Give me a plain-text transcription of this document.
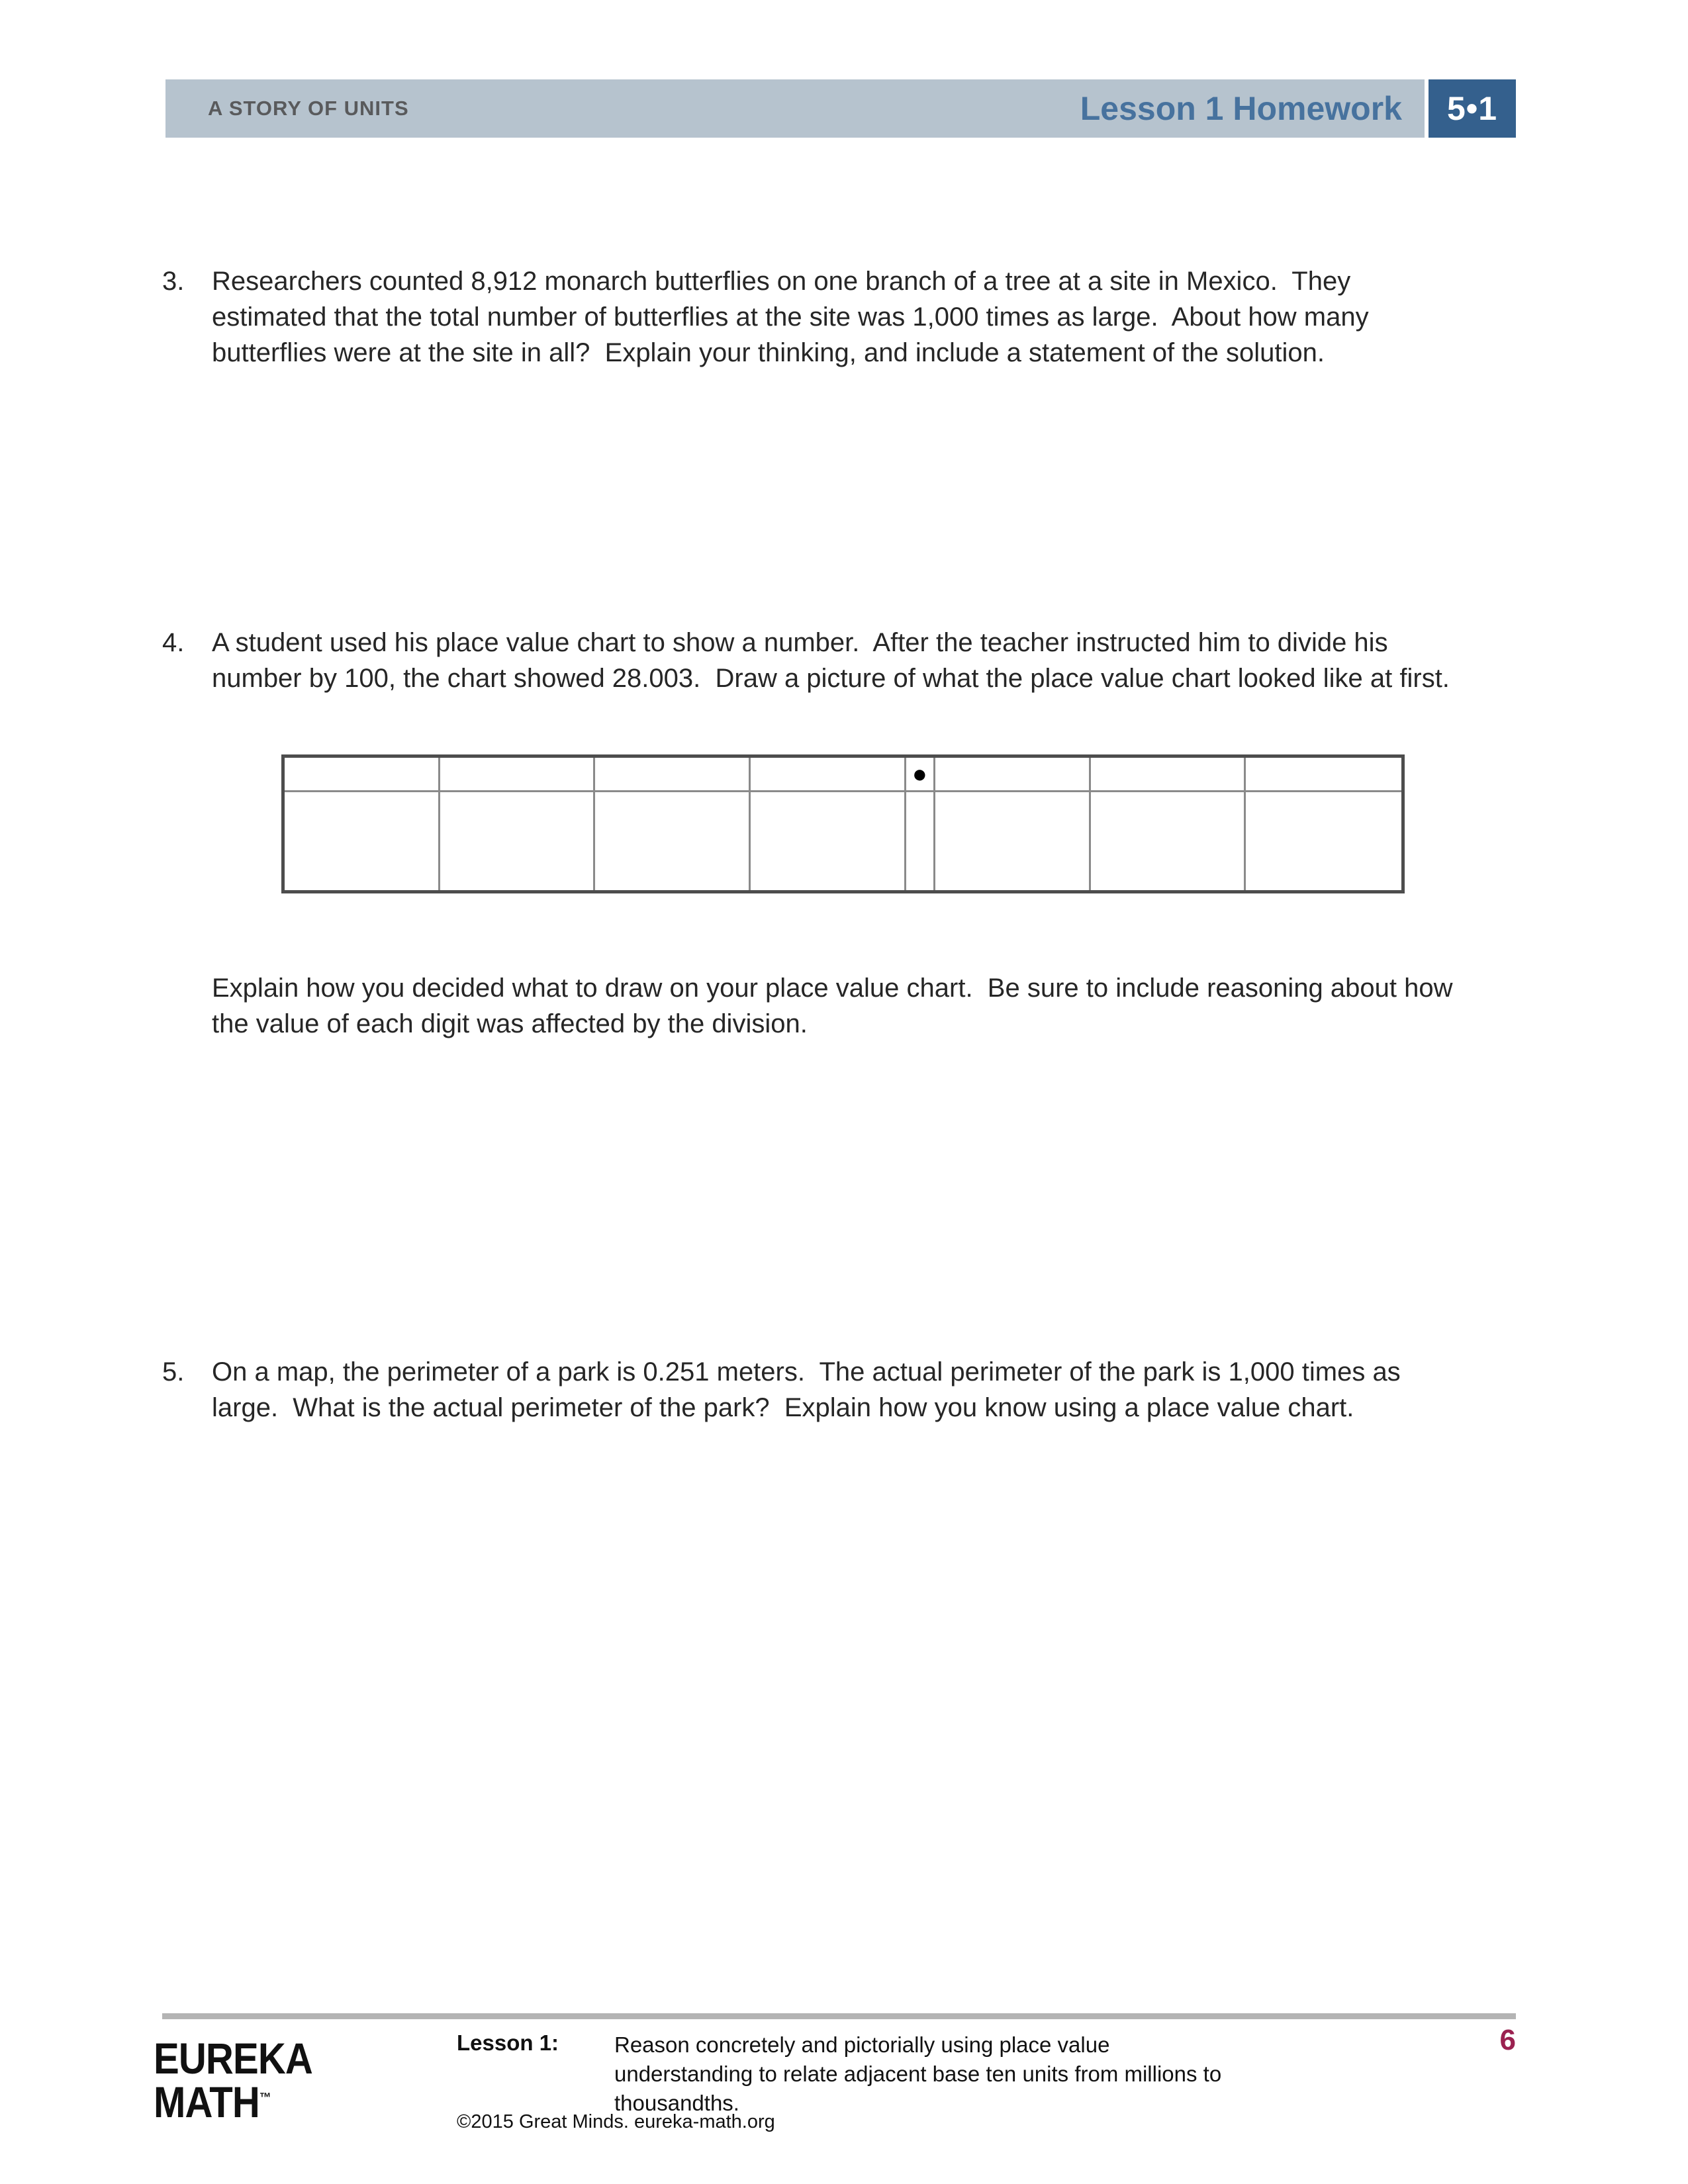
A STORY OF UNITS	Lesson 1 Homework	5•1
3.	Researchers counted 8,912 monarch butterflies on one branch of a tree at a site in Mexico.  They estimated that the total number of butterflies at the site was 1,000 times as large.  About how many butterflies were at the site in all?  Explain your thinking, and include a statement of the solution.
4.	A student used his place value chart to show a number.  After the teacher instructed him to divide his number by 100, the chart showed 28.003.  Draw a picture of what the place value chart looked like at first.
●
Explain how you decided what to draw on your place value chart.  Be sure to include reasoning about how the value of each digit was affected by the division.
5.	On a map, the perimeter of a park is 0.251 meters.  The actual perimeter of the park is 1,000 times as large.  What is the actual perimeter of the park?  Explain how you know using a place value chart.
EUREKA
MATH™
Lesson 1:	Reason concretely and pictorially using place value understanding to relate adjacent base ten units from millions to thousandths.
6
©2015 Great Minds. eureka-math.org
